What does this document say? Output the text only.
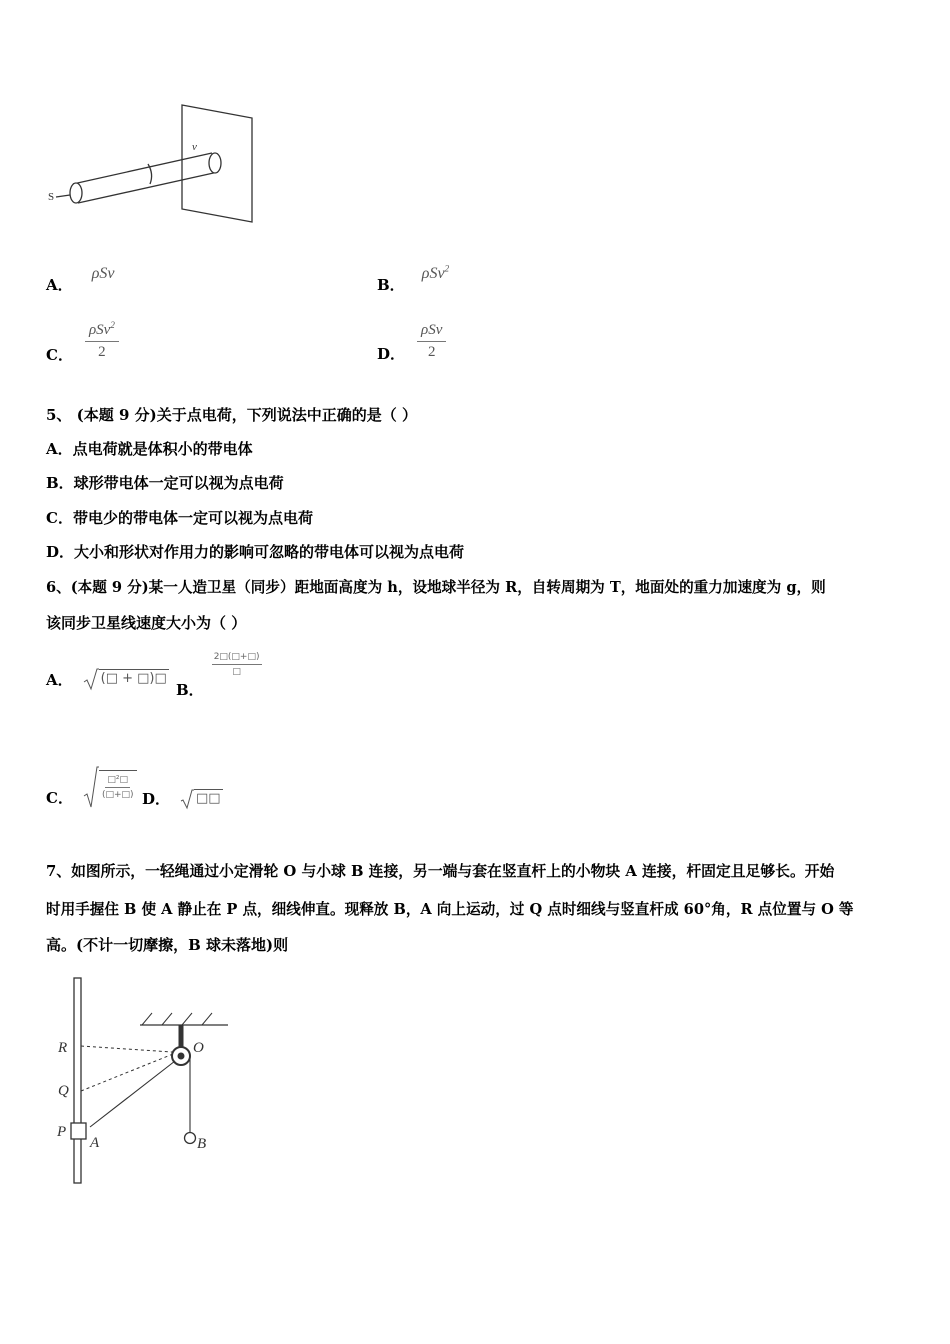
S
v
A． ρSv
B． ρSv$^2$
C． $\frac{\rho Sv^2}{2}$	D． $\frac{\text{ρSv}}{2}$
5、 (本题 9 分)关于点电荷，下列说法中正确的是（ ）
A．点电荷就是体积小的带电体
B．球形带电体一定可以视为点电荷
C．带电少的带电体一定可以视为点电荷
D．大小和形状对作用力的影响可忽略的带电体可以视为点电荷
6、(本题 9 分)某一人造卫星（同步）距地面高度为 h，设地球半径为 R，自转周期为 T，地面处的重力加速度为 g，则
该同步卫星线速度大小为（ ）
A． (□ + □)□
B．
2□(□+□)
□
C．
□²□
(□+□) D． □□
7、如图所示，一轻绳通过小定滑轮 O 与小球 B 连接，另一端与套在竖直杆上的小物块 A 连接，杆固定且足够长。开始
时用手握住 B 使 A 静止在 P 点，细线伸直。现释放 B，A 向上运动，过 Q 点时细线与竖直杆成 60°角，R 点位置与 O 等
高。(不计一切摩擦，B 球未落地)则
R
Q
P
A
O
B
